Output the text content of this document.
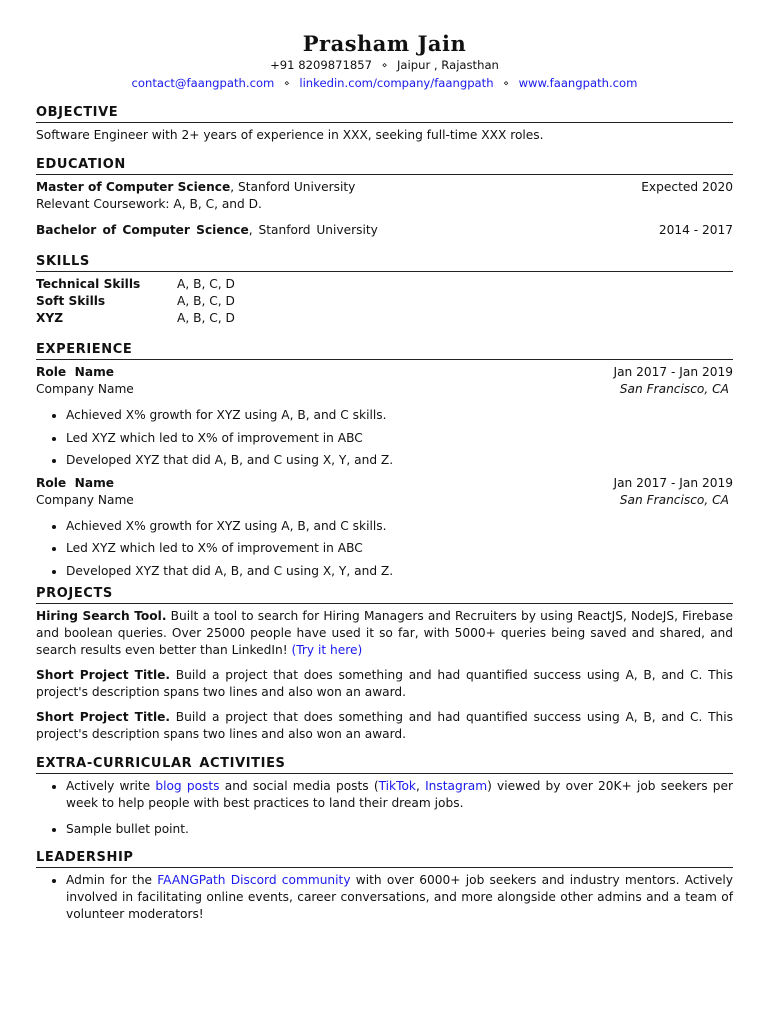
Prasham Jain
+91 8209871857 ⋄ Jaipur , Rajasthan
contact@faangpath.com ⋄ linkedin.com/company/faangpath ⋄ www.faangpath.com
OBJECTIVE
Software Engineer with 2+ years of experience in XXX, seeking full-time XXX roles.
EDUCATION
Master of Computer Science, Stanford University	Expected 2020
Relevant Coursework: A, B, C, and D.
Bachelor of Computer Science, Stanford University	2014 - 2017
SKILLS
Technical Skills	A, B, C, D
Soft Skills	A, B, C, D
XYZ	A, B, C, D
EXPERIENCE
Role  Name	Jan 2017 - Jan 2019
Company Name	San Francisco, CA
• Achieved X% growth for XYZ using A, B, and C skills.
• Led XYZ which led to X% of improvement in ABC
• Developed XYZ that did A, B, and C using X, Y, and Z.
Role  Name	Jan 2017 - Jan 2019
Company Name	San Francisco, CA
• Achieved X% growth for XYZ using A, B, and C skills.
• Led XYZ which led to X% of improvement in ABC
• Developed XYZ that did A, B, and C using X, Y, and Z.
PROJECTS
Hiring Search Tool. Built a tool to search for Hiring Managers and Recruiters by using ReactJS, NodeJS, Firebase and boolean queries. Over 25000 people have used it so far, with 5000+ queries being saved and shared, and search results even better than LinkedIn! (Try it here)
Short Project Title. Build a project that does something and had quantified success using A, B, and C. This project's description spans two lines and also won an award.
Short Project Title. Build a project that does something and had quantified success using A, B, and C. This project's description spans two lines and also won an award.
EXTRA-CURRICULAR ACTIVITIES
• Actively write blog posts and social media posts (TikTok, Instagram) viewed by over 20K+ job seekers per week to help people with best practices to land their dream jobs.
• Sample bullet point.
LEADERSHIP
• Admin for the FAANGPath Discord community with over 6000+ job seekers and industry mentors. Actively involved in facilitating online events, career conversations, and more alongside other admins and a team of volunteer moderators!
